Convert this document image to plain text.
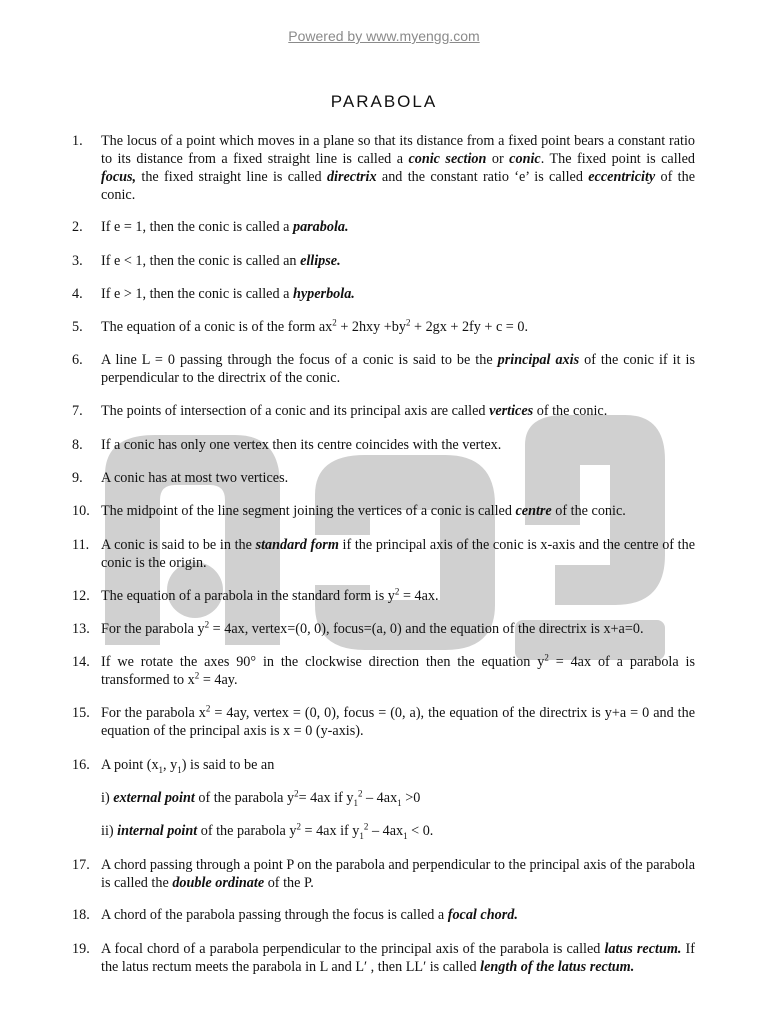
Powered by www.myengg.com
PARABOLA
1. The locus of a point which moves in a plane so that its distance from a fixed point bears a constant ratio to its distance from a fixed straight line is called a conic section or conic. The fixed point is called focus, the fixed straight line is called directrix and the constant ratio ‘e’ is called eccentricity of the conic.
2. If e = 1, then the conic is called a parabola.
3. If e < 1, then the conic is called an ellipse.
4. If e > 1, then the conic is called a hyperbola.
5. The equation of a conic is of the form $ax^2 + 2hxy +by^2 + 2gx + 2fy + c = 0$.
6. A line L = 0 passing through the focus of a conic is said to be the principal axis of the conic if it is perpendicular to the directrix of the conic.
7. The points of intersection of a conic and its principal axis are called vertices of the conic.
8. If a conic has only one vertex then its centre coincides with the vertex.
9. A conic has at most two vertices.
10. The midpoint of the line segment joining the vertices of a conic is called centre of the conic.
11. A conic is said to be in the standard form if the principal axis of the conic is x-axis and the centre of the conic is the origin.
12. The equation of a parabola in the standard form is $y^2 = 4ax$.
13. For the parabola $y^2 = 4ax$, vertex=(0, 0), focus=(a, 0) and the equation of the directrix is x+a=0.
14. If we rotate the axes 90° in the clockwise direction then the equation $y^2 = 4ax$ of a parabola is transformed to $x^2 = 4ay$.
15. For the parabola $x^2 = 4ay$, vertex = (0, 0), focus = (0, a), the equation of the directrix is y+a = 0 and the equation of the principal axis is x = 0 (y-axis).
16. A point ($x_1$, $y_1$) is said to be an
i) external point of the parabola $y^2= 4ax$ if $y_1^2 - 4ax_1 >0$
ii) internal point of the parabola $y^2 = 4ax$ if $y_1^2 - 4ax_1 < 0$.
17. A chord passing through a point P on the parabola and perpendicular to the principal axis of the parabola is called the double ordinate of the P.
18. A chord of the parabola passing through the focus is called a focal chord.
19. A focal chord of a parabola perpendicular to the principal axis of the parabola is called latus rectum. If the latus rectum meets the parabola in L and L′ , then LL′ is called length of the latus rectum.
